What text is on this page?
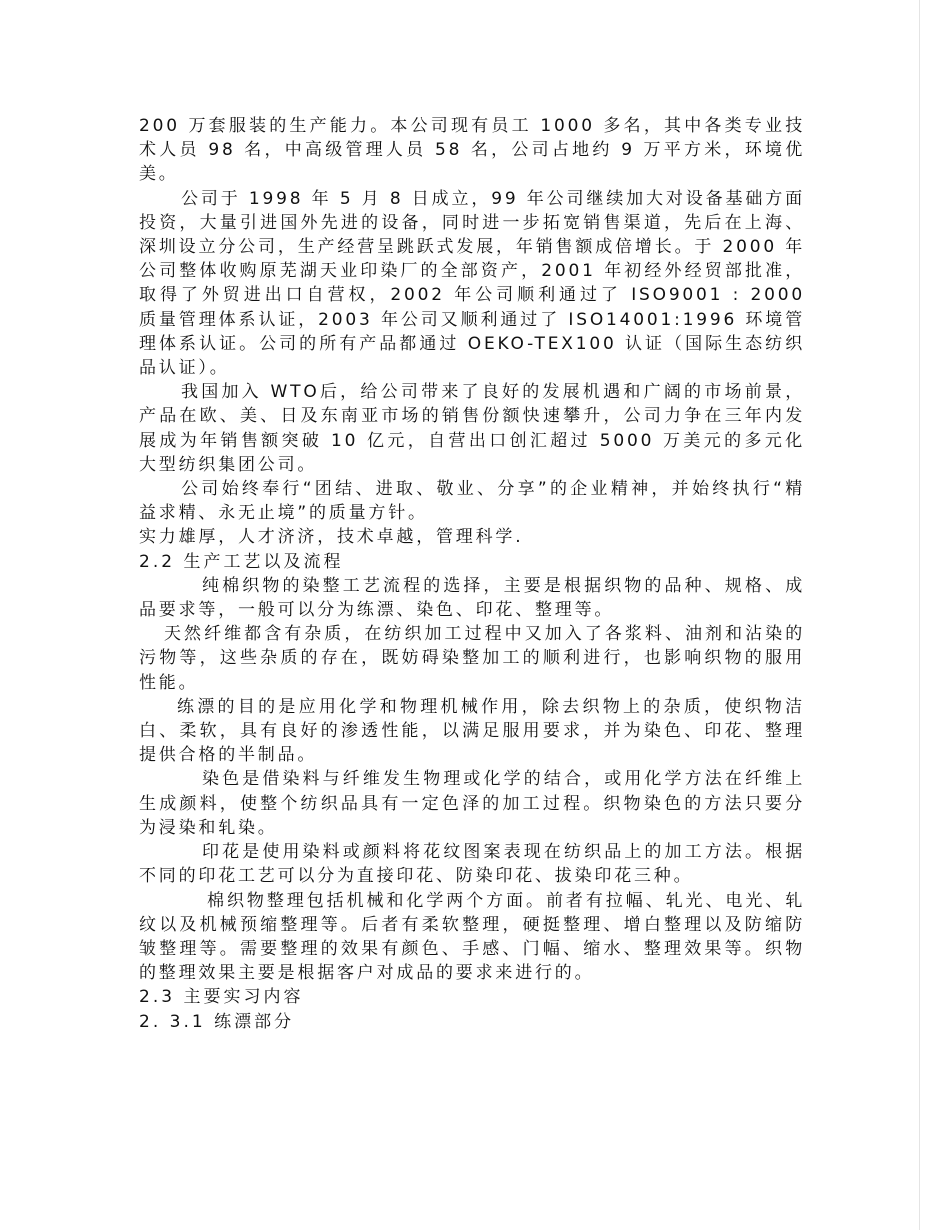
200 万套服装的生产能力。本公司现有员工 1000 多名，其中各类专业技术人员 98 名，中高级管理人员 58 名，公司占地约 9 万平方米，环境优美。

公司于 1998 年 5 月 8 日成立，99 年公司继续加大对设备基础方面投资，大量引进国外先进的设备，同时进一步拓宽销售渠道，先后在上海、深圳设立分公司，生产经营呈跳跃式发展，年销售额成倍增长。于 2000 年公司整体收购原芜湖天业印染厂的全部资产，2001 年初经外经贸部批准，取得了外贸进出口自营权，2002 年公司顺利通过了 ISO9001 : 2000 质量管理体系认证，2003 年公司又顺利通过了 ISO14001:1996 环境管理体系认证。公司的所有产品都通过 OEKO-TEX100 认证（国际生态纺织品认证）。

我国加入 WTO后，给公司带来了良好的发展机遇和广阔的市场前景，产品在欧、美、日及东南亚市场的销售份额快速攀升，公司力争在三年内发展成为年销售额突破 10 亿元，自营出口创汇超过 5000 万美元的多元化大型纺织集团公司。

公司始终奉行“团结、进取、敬业、分享”的企业精神，并始终执行“精益求精、永无止境”的质量方针。

实力雄厚，人才济济，技术卓越，管理科学.

2.2 生产工艺以及流程

纯棉织物的染整工艺流程的选择，主要是根据织物的品种、规格、成品要求等，一般可以分为练漂、染色、印花、整理等。

天然纤维都含有杂质，在纺织加工过程中又加入了各浆料、油剂和沾染的污物等，这些杂质的存在，既妨碍染整加工的顺利进行，也影响织物的服用性能。

练漂的目的是应用化学和物理机械作用，除去织物上的杂质，使织物洁白、柔软，具有良好的渗透性能，以满足服用要求，并为染色、印花、整理提供合格的半制品。

染色是借染料与纤维发生物理或化学的结合，或用化学方法在纤维上生成颜料，使整个纺织品具有一定色泽的加工过程。织物染色的方法只要分为浸染和轧染。

印花是使用染料或颜料将花纹图案表现在纺织品上的加工方法。根据不同的印花工艺可以分为直接印花、防染印花、拔染印花三种。

棉织物整理包括机械和化学两个方面。前者有拉幅、轧光、电光、轧纹以及机械预缩整理等。后者有柔软整理，硬挺整理、增白整理以及防缩防皱整理等。需要整理的效果有颜色、手感、门幅、缩水、整理效果等。织物的整理效果主要是根据客户对成品的要求来进行的。

2.3 主要实习内容

2. 3.1 练漂部分
